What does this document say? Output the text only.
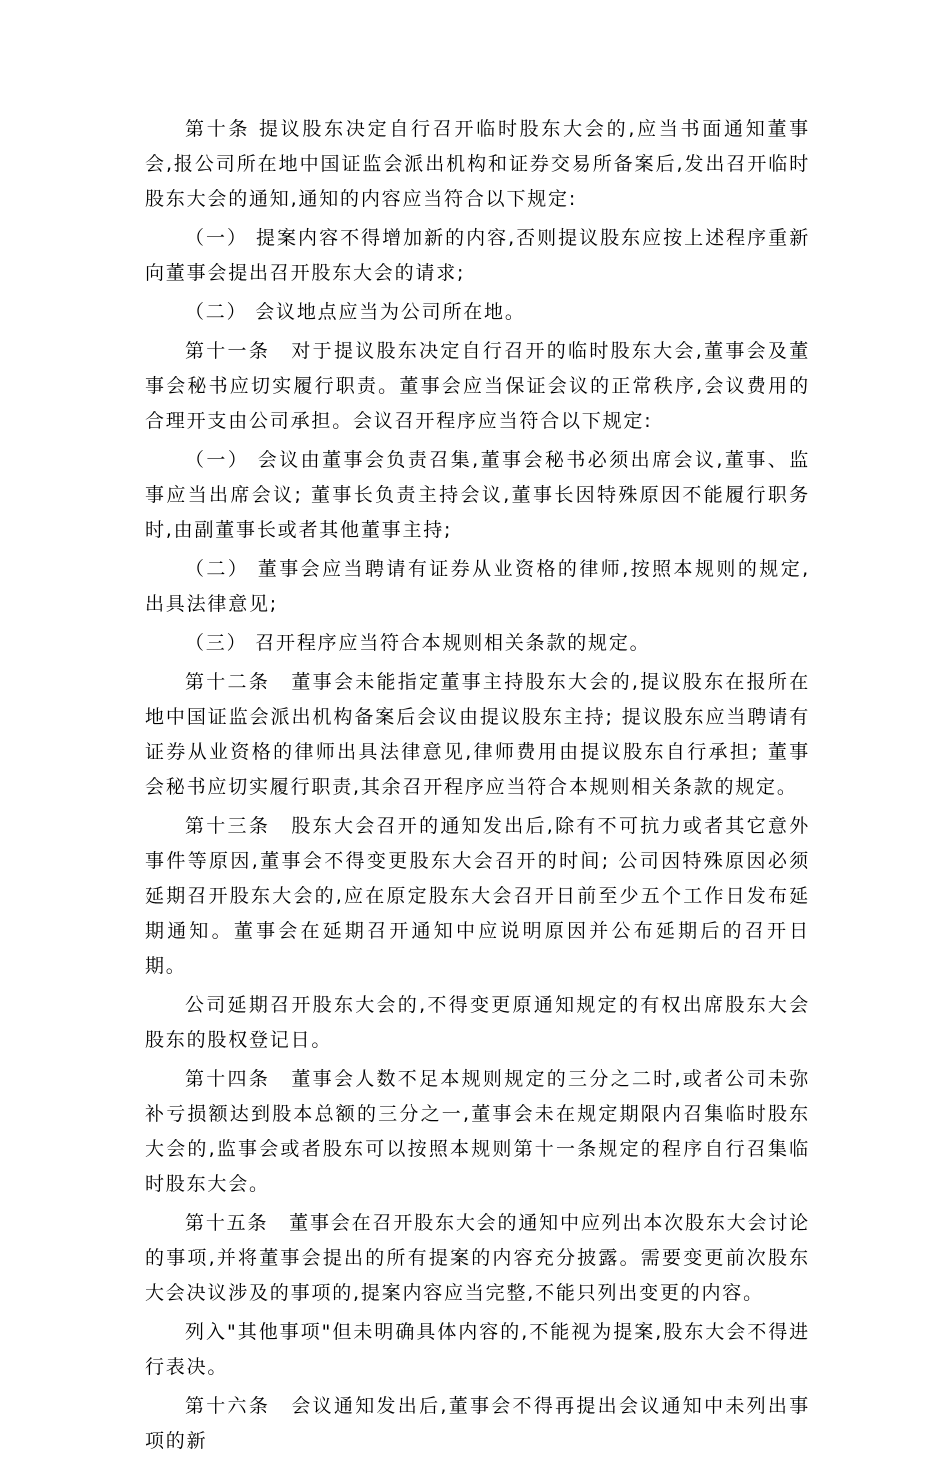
第十条 提议股东决定自行召开临时股东大会的,应当书面通知董事会,报公司所在地中国证监会派出机构和证券交易所备案后,发出召开临时股东大会的通知,通知的内容应当符合以下规定:

（一） 提案内容不得增加新的内容,否则提议股东应按上述程序重新向董事会提出召开股东大会的请求;

（二） 会议地点应当为公司所在地。

第十一条　对于提议股东决定自行召开的临时股东大会,董事会及董事会秘书应切实履行职责。董事会应当保证会议的正常秩序,会议费用的合理开支由公司承担。会议召开程序应当符合以下规定:

（一） 会议由董事会负责召集,董事会秘书必须出席会议,董事、监事应当出席会议; 董事长负责主持会议,董事长因特殊原因不能履行职务时,由副董事长或者其他董事主持;

（二） 董事会应当聘请有证券从业资格的律师,按照本规则的规定,出具法律意见;

（三） 召开程序应当符合本规则相关条款的规定。

第十二条　董事会未能指定董事主持股东大会的,提议股东在报所在地中国证监会派出机构备案后会议由提议股东主持; 提议股东应当聘请有证券从业资格的律师出具法律意见,律师费用由提议股东自行承担; 董事会秘书应切实履行职责,其余召开程序应当符合本规则相关条款的规定。

第十三条　股东大会召开的通知发出后,除有不可抗力或者其它意外事件等原因,董事会不得变更股东大会召开的时间; 公司因特殊原因必须延期召开股东大会的,应在原定股东大会召开日前至少五个工作日发布延期通知。董事会在延期召开通知中应说明原因并公布延期后的召开日期。

公司延期召开股东大会的,不得变更原通知规定的有权出席股东大会股东的股权登记日。

第十四条　董事会人数不足本规则规定的三分之二时,或者公司未弥补亏损额达到股本总额的三分之一,董事会未在规定期限内召集临时股东大会的,监事会或者股东可以按照本规则第十一条规定的程序自行召集临时股东大会。

第十五条　董事会在召开股东大会的通知中应列出本次股东大会讨论的事项,并将董事会提出的所有提案的内容充分披露。需要变更前次股东大会决议涉及的事项的,提案内容应当完整,不能只列出变更的内容。

列入"其他事项"但未明确具体内容的,不能视为提案,股东大会不得进行表决。

第十六条　会议通知发出后,董事会不得再提出会议通知中未列出事项的新
